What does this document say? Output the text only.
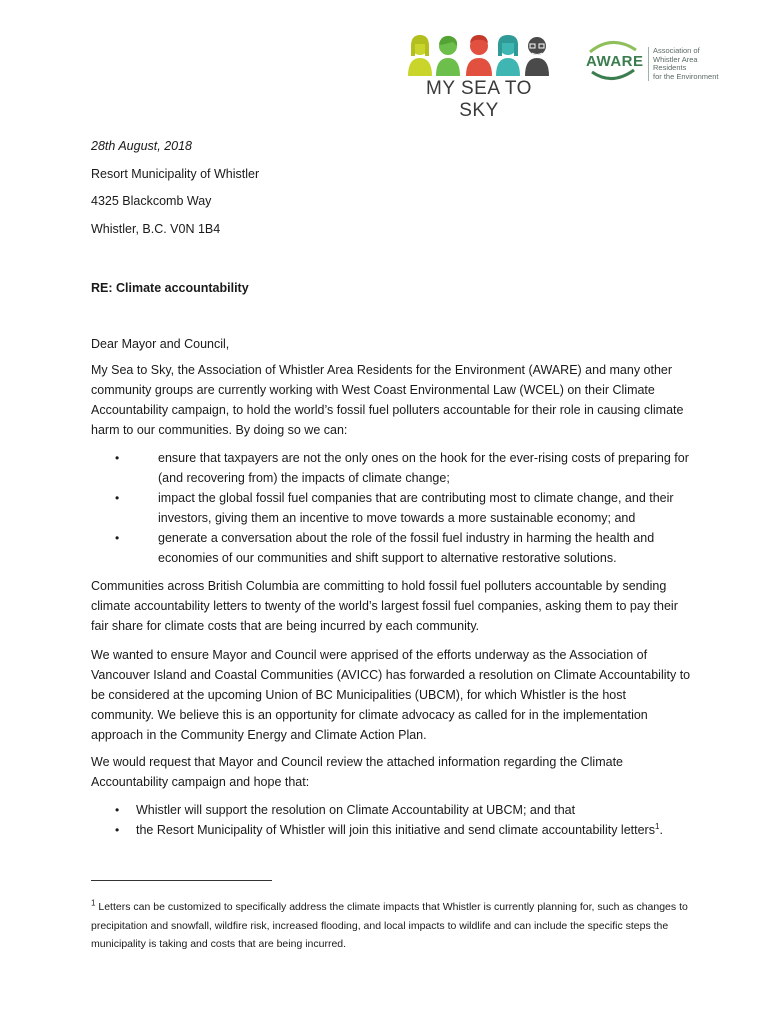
MY SEA TO SKY
AWARE
Association of
Whistler Area Residents
for the Environment
28th August, 2018
Resort Municipality of Whistler
4325 Blackcomb Way
Whistler, B.C. V0N 1B4
RE: Climate accountability
Dear Mayor and Council,

My Sea to Sky, the Association of Whistler Area Residents for the Environment (AWARE) and many other community groups are currently working with West Coast Environmental Law (WCEL) on their Climate Accountability campaign, to hold the world’s fossil fuel polluters accountable for their role in causing climate harm to our communities. By doing so we can:

•	ensure that taxpayers are not the only ones on the hook for the ever-rising costs of preparing for (and recovering from) the impacts of climate change;
•	impact the global fossil fuel companies that are contributing most to climate change, and their investors, giving them an incentive to move towards a more sustainable economy; and
•	generate a conversation about the role of the fossil fuel industry in harming the health and economies of our communities and shift support to alternative restorative solutions.

Communities across British Columbia are committing to hold fossil fuel polluters accountable by sending climate accountability letters to twenty of the world’s largest fossil fuel companies, asking them to pay their fair share for climate costs that are being incurred by each community.

We wanted to ensure Mayor and Council were apprised of the efforts underway as the Association of Vancouver Island and Coastal Communities (AVICC) has forwarded a resolution on Climate Accountability to be considered at the upcoming Union of BC Municipalities (UBCM), for which Whistler is the host community. We believe this is an opportunity for climate advocacy as called for in the implementation approach in the Community Energy and Climate Action Plan.

We would request that Mayor and Council review the attached information regarding the Climate Accountability campaign and hope that:

• Whistler will support the resolution on Climate Accountability at UBCM; and that
• the Resort Municipality of Whistler will join this initiative and send climate accountability letters$^1$.

$^1$ Letters can be customized to specifically address the climate impacts that Whistler is currently planning for, such as changes to precipitation and snowfall, wildfire risk, increased flooding, and local impacts to wildlife and can include the specific steps the municipality is taking and costs that are being incurred.
